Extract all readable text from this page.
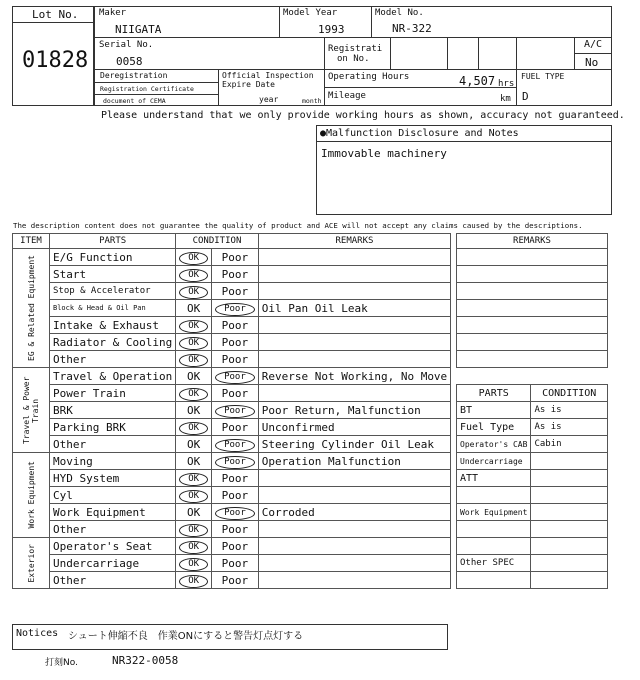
Lot No.
01828
Maker
NIIGATA
Model Year
1993
Model No.
NR-322
Serial No.
0058
Registrati
on No.
A/C
No
Deregistration
Registration Certificate
document of CEMA
Official Inspection
Expire Date
year	month
Operating Hours	4,507 hrs
Mileage	km
FUEL TYPE
D
Please understand that we only provide working hours as shown, accuracy not guaranteed.
●Malfunction Disclosure and Notes
Immovable machinery
The description content does not guarantee the quality of product and ACE will not accept any claims caused by the descriptions.
ITEM	PARTS	CONDITION		REMARKS

EG & Related Equipment	E/G Function	OK	Poor	
	Start	OK	Poor	
	Stop & Accelerator	OK	Poor	
	Block & Head & Oil Pan	OK	Poor	Oil Pan Oil Leak
	Intake & Exhaust	OK	Poor	
	Radiator & Cooling	OK	Poor	
	Other	OK	Poor	

Travel & Power Train	Travel & Operation	OK	Poor	Reverse Not Working, No Move
	Power Train	OK	Poor	
	BRK	OK	Poor	Poor Return, Malfunction
	Parking BRK	OK	Poor	Unconfirmed
	Other	OK	Poor	Steering Cylinder Oil Leak

Work Equipment	Moving	OK	Poor	Operation Malfunction
	HYD System	OK	Poor	
	Cyl	OK	Poor	
	Work Equipment	OK	Poor	Corroded
	Other	OK	Poor	

Exterior	Operator's Seat	OK	Poor	
	Undercarriage	OK	Poor	
	Other	OK	Poor	
REMARKS

PARTS	CONDITION
BT	As is
Fuel Type	As is
Operator's CAB	Cabin
Undercarriage	
ATT	

Work Equipment	

Other SPEC	

Notices シュート伸縮不良　作業ONにすると警告灯点灯する
打刻No.	NR322-0058
